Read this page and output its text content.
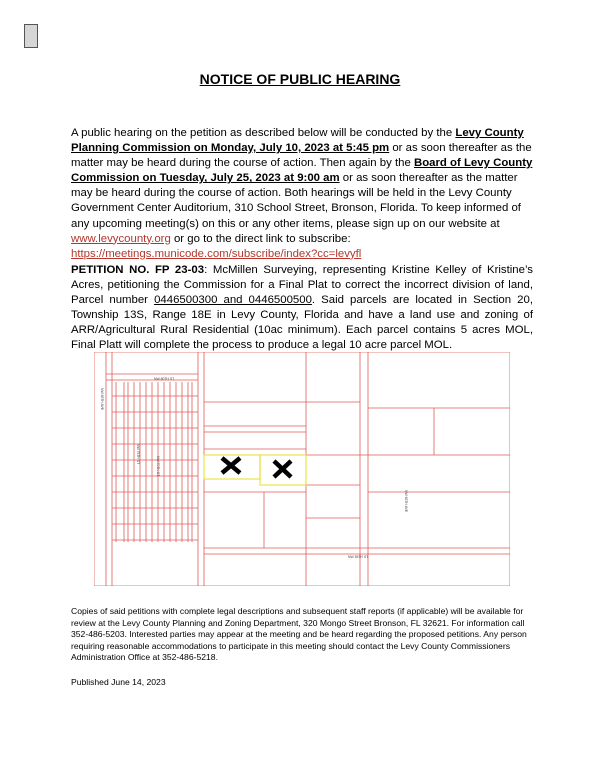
NOTICE OF PUBLIC HEARING

A public hearing on the petition as described below will be conducted by the Levy County Planning Commission on Monday, July 10, 2023 at 5:45 pm or as soon thereafter as the matter may be heard during the course of action. Then again by the Board of Levy County Commission on Tuesday, July 25, 2023 at 9:00 am or as soon thereafter as the matter may be heard during the course of action. Both hearings will be held in the Levy County Government Center Auditorium, 310 School Street, Bronson, Florida. To keep informed of any upcoming meeting(s) on this or any other items, please sign up on our website at www.levycounty.org or go to the direct link to subscribe: https://meetings.municode.com/subscribe/index?cc=levyfl

PETITION NO. FP 23-03: McMillen Surveying, representing Kristine Kelley of Kristine’s Acres, petitioning the Commission for a Final Plat to correct the incorrect division of land, Parcel number 0446500300 and 0446500500. Said parcels are located in Section 20, Township 13S, Range 18E in Levy County, Florida and have a land use and zoning of ARR/Agricultural Rural Residential (10ac minimum). Each parcel contains 5 acres MOL, Final Platt will complete the process to produce a legal 10 acre parcel MOL.

NW 85TH AVE
NW 80TH ST
NW 75TH ST
NW 70TH ST
NW 65TH AVE
NW 55TH ST

Copies of said petitions with complete legal descriptions and subsequent staff reports (if applicable) will be available for review at the Levy County Planning and Zoning Department, 320 Mongo Street Bronson, FL 32621. For information call 352-486-5203. Interested parties may appear at the meeting and be heard regarding the proposed petitions. Any person requiring reasonable accommodations to participate in this meeting should contact the Levy County Commissioners Administration Office at 352-486-5218.

Published June 14, 2023
